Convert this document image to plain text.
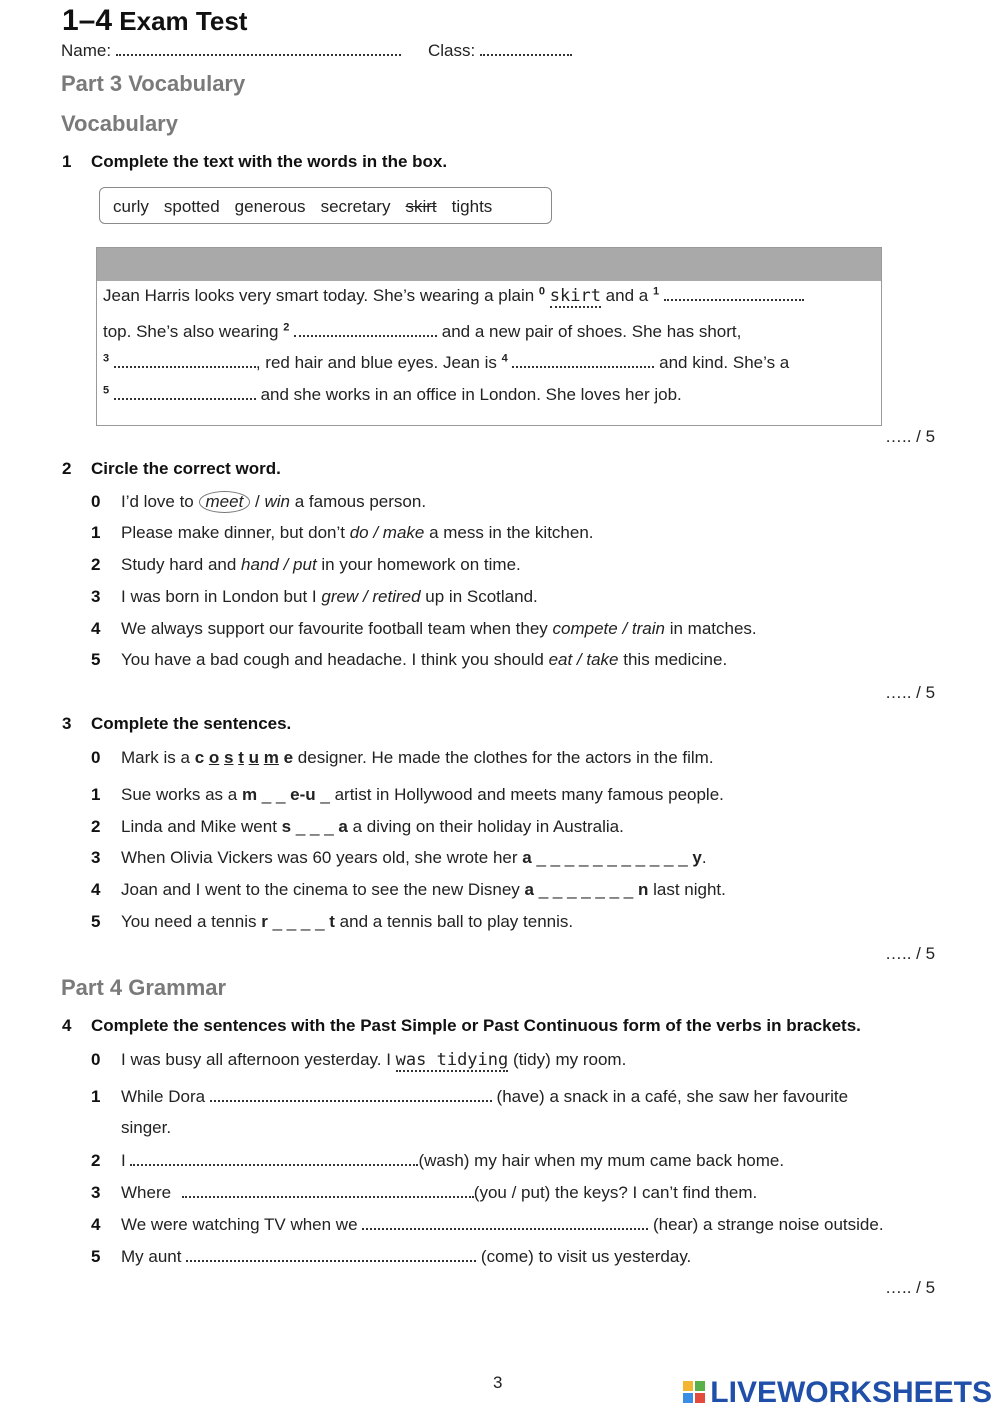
1–4 Exam Test
Name:	Class:
Part 3 Vocabulary
Vocabulary
1 Complete the text with the words in the box.
curly spotted generous secretary skirt tights
Jean Harris looks very smart today. She’s wearing a plain $^0$ skirt and a $^1$
top. She’s also wearing $^2$	and a new pair of shoes. She has short,
$^3$	, red hair and blue eyes. Jean is $^4$	and kind. She’s a
$^5$	and she works in an office in London. She loves her job.
….. / 5
2 Circle the correct word.
0 I’d love to meet / win a famous person.
1 Please make dinner, but don’t do / make a mess in the kitchen.
2 Study hard and hand / put in your homework on time.
3 I was born in London but I grew / retired up in Scotland.
4 We always support our favourite football team when they compete / train in matches.
5 You have a bad cough and headache. I think you should eat / take this medicine.
….. / 5
3 Complete the sentences.
0 Mark is a c o s t u m e designer. He made the clothes for the actors in the film.
1 Sue works as a m _ _ e-u _ artist in Hollywood and meets many famous people.
2 Linda and Mike went s _ _ _ a a diving on their holiday in Australia.
3 When Olivia Vickers was 60 years old, she wrote her a _ _ _ _ _ _ _ _ _ _ _ y.
4 Joan and I went to the cinema to see the new Disney a _ _ _ _ _ _ _ n last night.
5 You need a tennis r _ _ _ _ t and a tennis ball to play tennis.
….. / 5
Part 4 Grammar
4 Complete the sentences with the Past Simple or Past Continuous form of the verbs in brackets.
0 I was busy all afternoon yesterday. I was tidying (tidy) my room.
1 While Dora	(have) a snack in a café, she saw her favourite
singer.
2 I	(wash) my hair when my mum came back home.
3 Where	(you / put) the keys? I can’t find them.
4 We were watching TV when we	(hear) a strange noise outside.
5 My aunt	(come) to visit us yesterday.
….. / 5
3	LIVEWORKSHEETS
